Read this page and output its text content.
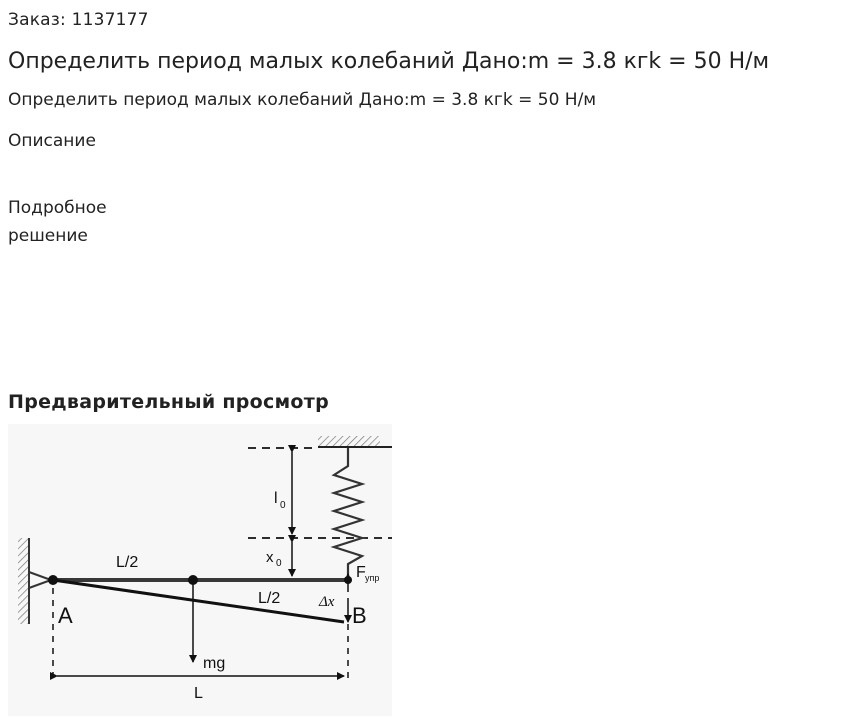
Заказ: 1137177
Определить период малых колебаний Дано:m = 3.8 кгk = 50 Н/м
Определить период малых колебаний Дано:m = 3.8 кгk = 50 Н/м
Описание
Подробное решение
Предварительный просмотр
L/2
L/2
l 0
x 0
F упр
Δx
A	B
mg
L
